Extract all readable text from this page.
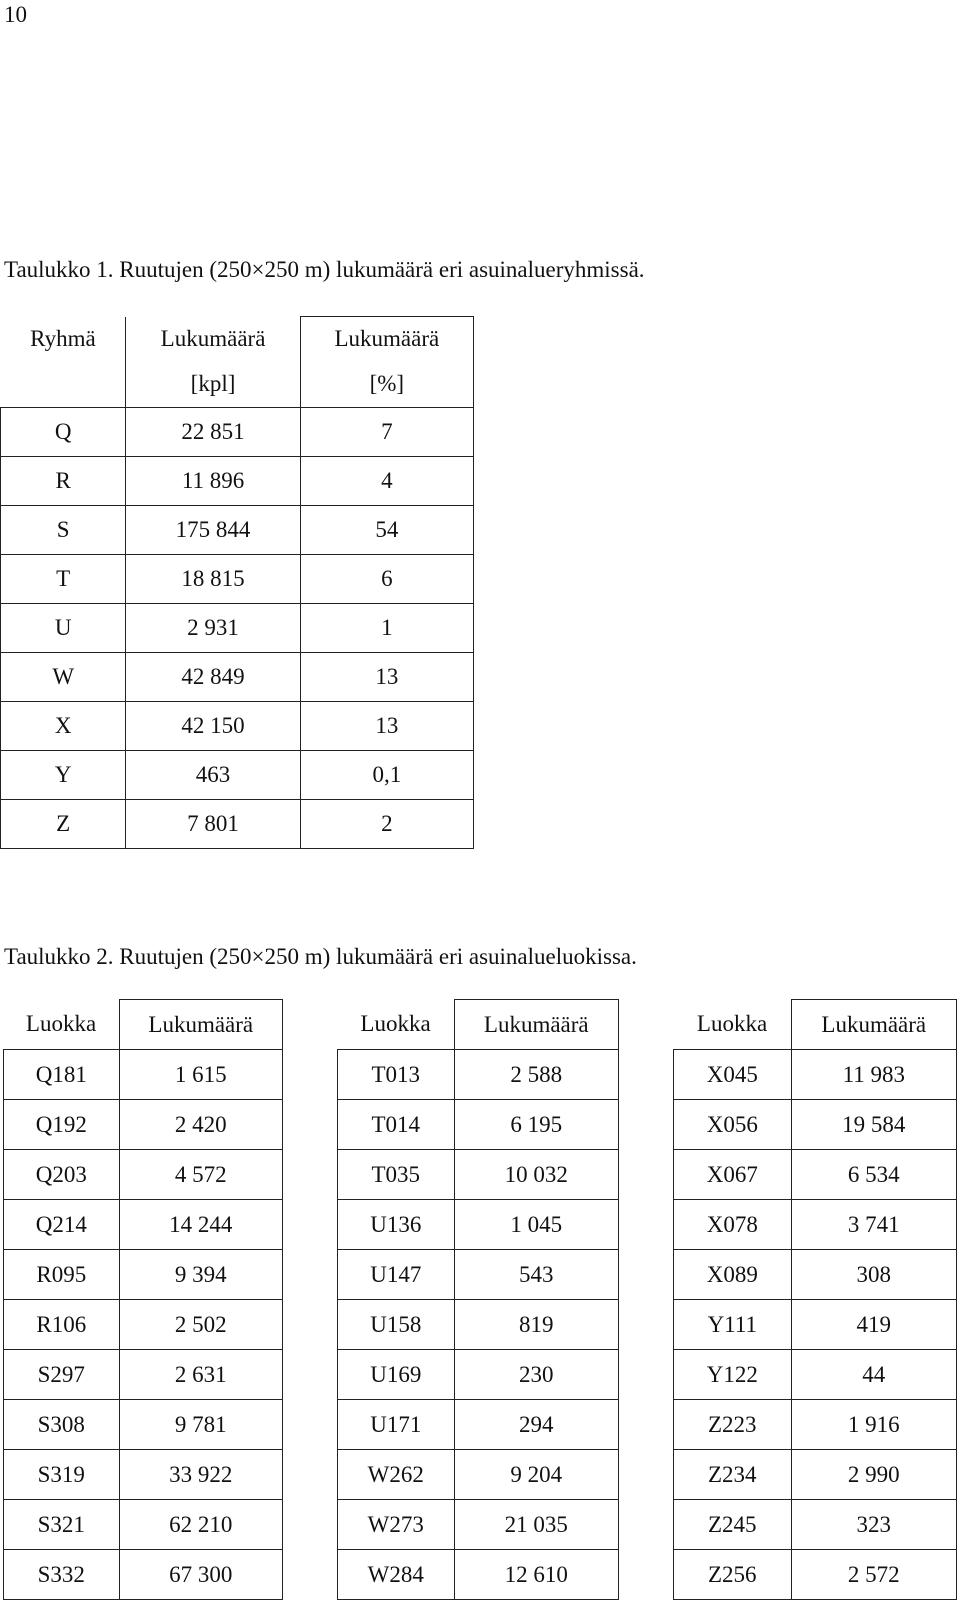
10
Taulukko 1. Ruutujen (250×250 m) lukumäärä eri asuinalueryhmissä.
Ryhmä	Lukumäärä	Lukumäärä
	[kpl]	[%]
Q	22 851	7
R	11 896	4
S	175 844	54
T	18 815	6
U	2 931	1
W	42 849	13
X	42 150	13
Y	463	0,1
Z	7 801	2
Taulukko 2. Ruutujen (250×250 m) lukumäärä eri asuinalueluokissa.
Luokka	Lukumäärä
Q181	1 615
Q192	2 420
Q203	4 572
Q214	14 244
R095	9 394
R106	2 502
S297	2 631
S308	9 781
S319	33 922
S321	62 210
S332	67 300
Luokka	Lukumäärä
T013	2 588
T014	6 195
T035	10 032
U136	1 045
U147	543
U158	819
U169	230
U171	294
W262	9 204
W273	21 035
W284	12 610
Luokka	Lukumäärä
X045	11 983
X056	19 584
X067	6 534
X078	3 741
X089	308
Y111	419
Y122	44
Z223	1 916
Z234	2 990
Z245	323
Z256	2 572
